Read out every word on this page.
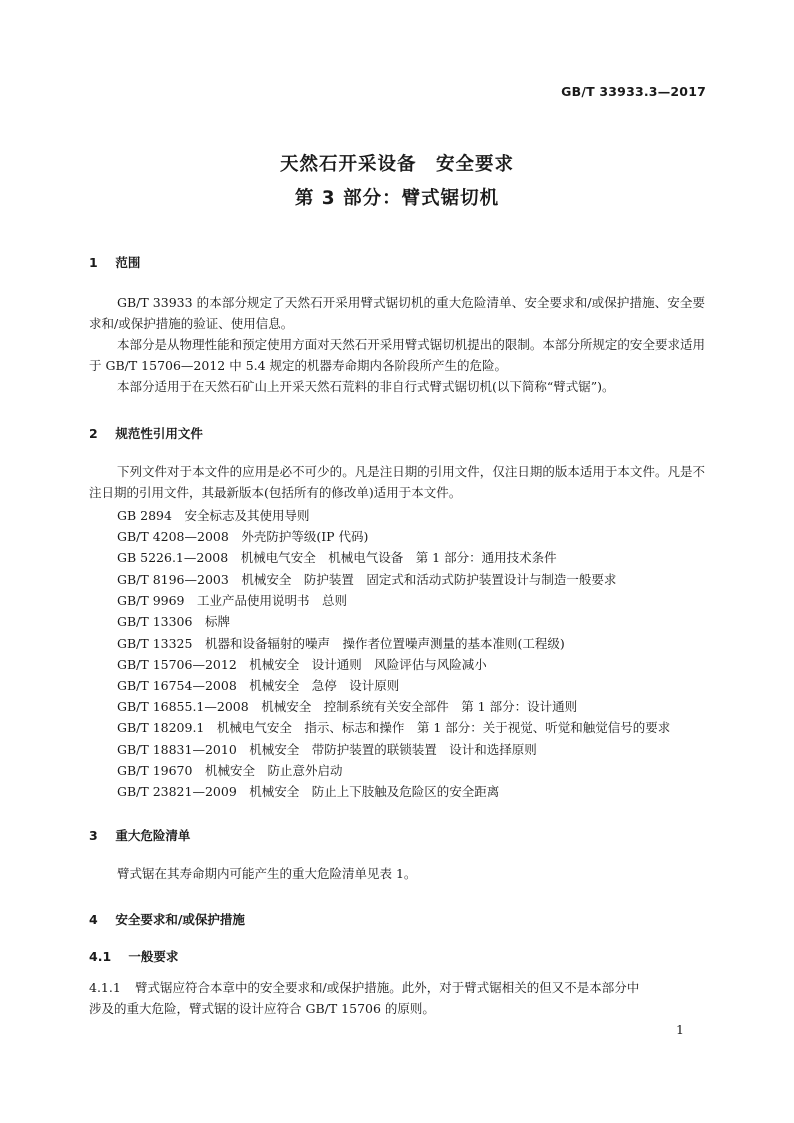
GB/T 33933.3—2017
天然石开采设备　安全要求
第 3 部分：臂式锯切机
1 范围
GB/T 33933 的本部分规定了天然石开采用臂式锯切机的重大危险清单、安全要求和/或保护措施、安全要求和/或保护措施的验证、使用信息。
本部分是从物理性能和预定使用方面对天然石开采用臂式锯切机提出的限制。本部分所规定的安全要求适用于 GB/T 15706—2012 中 5.4 规定的机器寿命期内各阶段所产生的危险。
本部分适用于在天然石矿山上开采天然石荒料的非自行式臂式锯切机(以下简称“臂式锯”)。
2 规范性引用文件
下列文件对于本文件的应用是必不可少的。凡是注日期的引用文件，仅注日期的版本适用于本文件。凡是不注日期的引用文件，其最新版本(包括所有的修改单)适用于本文件。
GB 2894　安全标志及其使用导则
GB/T 4208—2008　外壳防护等级(IP 代码)
GB 5226.1—2008　机械电气安全　机械电气设备　第 1 部分：通用技术条件
GB/T 8196—2003　机械安全　防护装置　固定式和活动式防护装置设计与制造一般要求
GB/T 9969　工业产品使用说明书　总则
GB/T 13306　标牌
GB/T 13325　机器和设备辐射的噪声　操作者位置噪声测量的基本准则(工程级)
GB/T 15706—2012　机械安全　设计通则　风险评估与风险减小
GB/T 16754—2008　机械安全　急停　设计原则
GB/T 16855.1—2008　机械安全　控制系统有关安全部件　第 1 部分：设计通则
GB/T 18209.1　机械电气安全　指示、标志和操作　第 1 部分：关于视觉、听觉和触觉信号的要求
GB/T 18831—2010　机械安全　带防护装置的联锁装置　设计和选择原则
GB/T 19670　机械安全　防止意外启动
GB/T 23821—2009　机械安全　防止上下肢触及危险区的安全距离
3 重大危险清单
臂式锯在其寿命期内可能产生的重大危险清单见表 1。
4 安全要求和/或保护措施
4.1 一般要求
4.1.1 臂式锯应符合本章中的安全要求和/或保护措施。此外，对于臂式锯相关的但又不是本部分中
涉及的重大危险，臂式锯的设计应符合 GB/T 15706 的原则。
1
